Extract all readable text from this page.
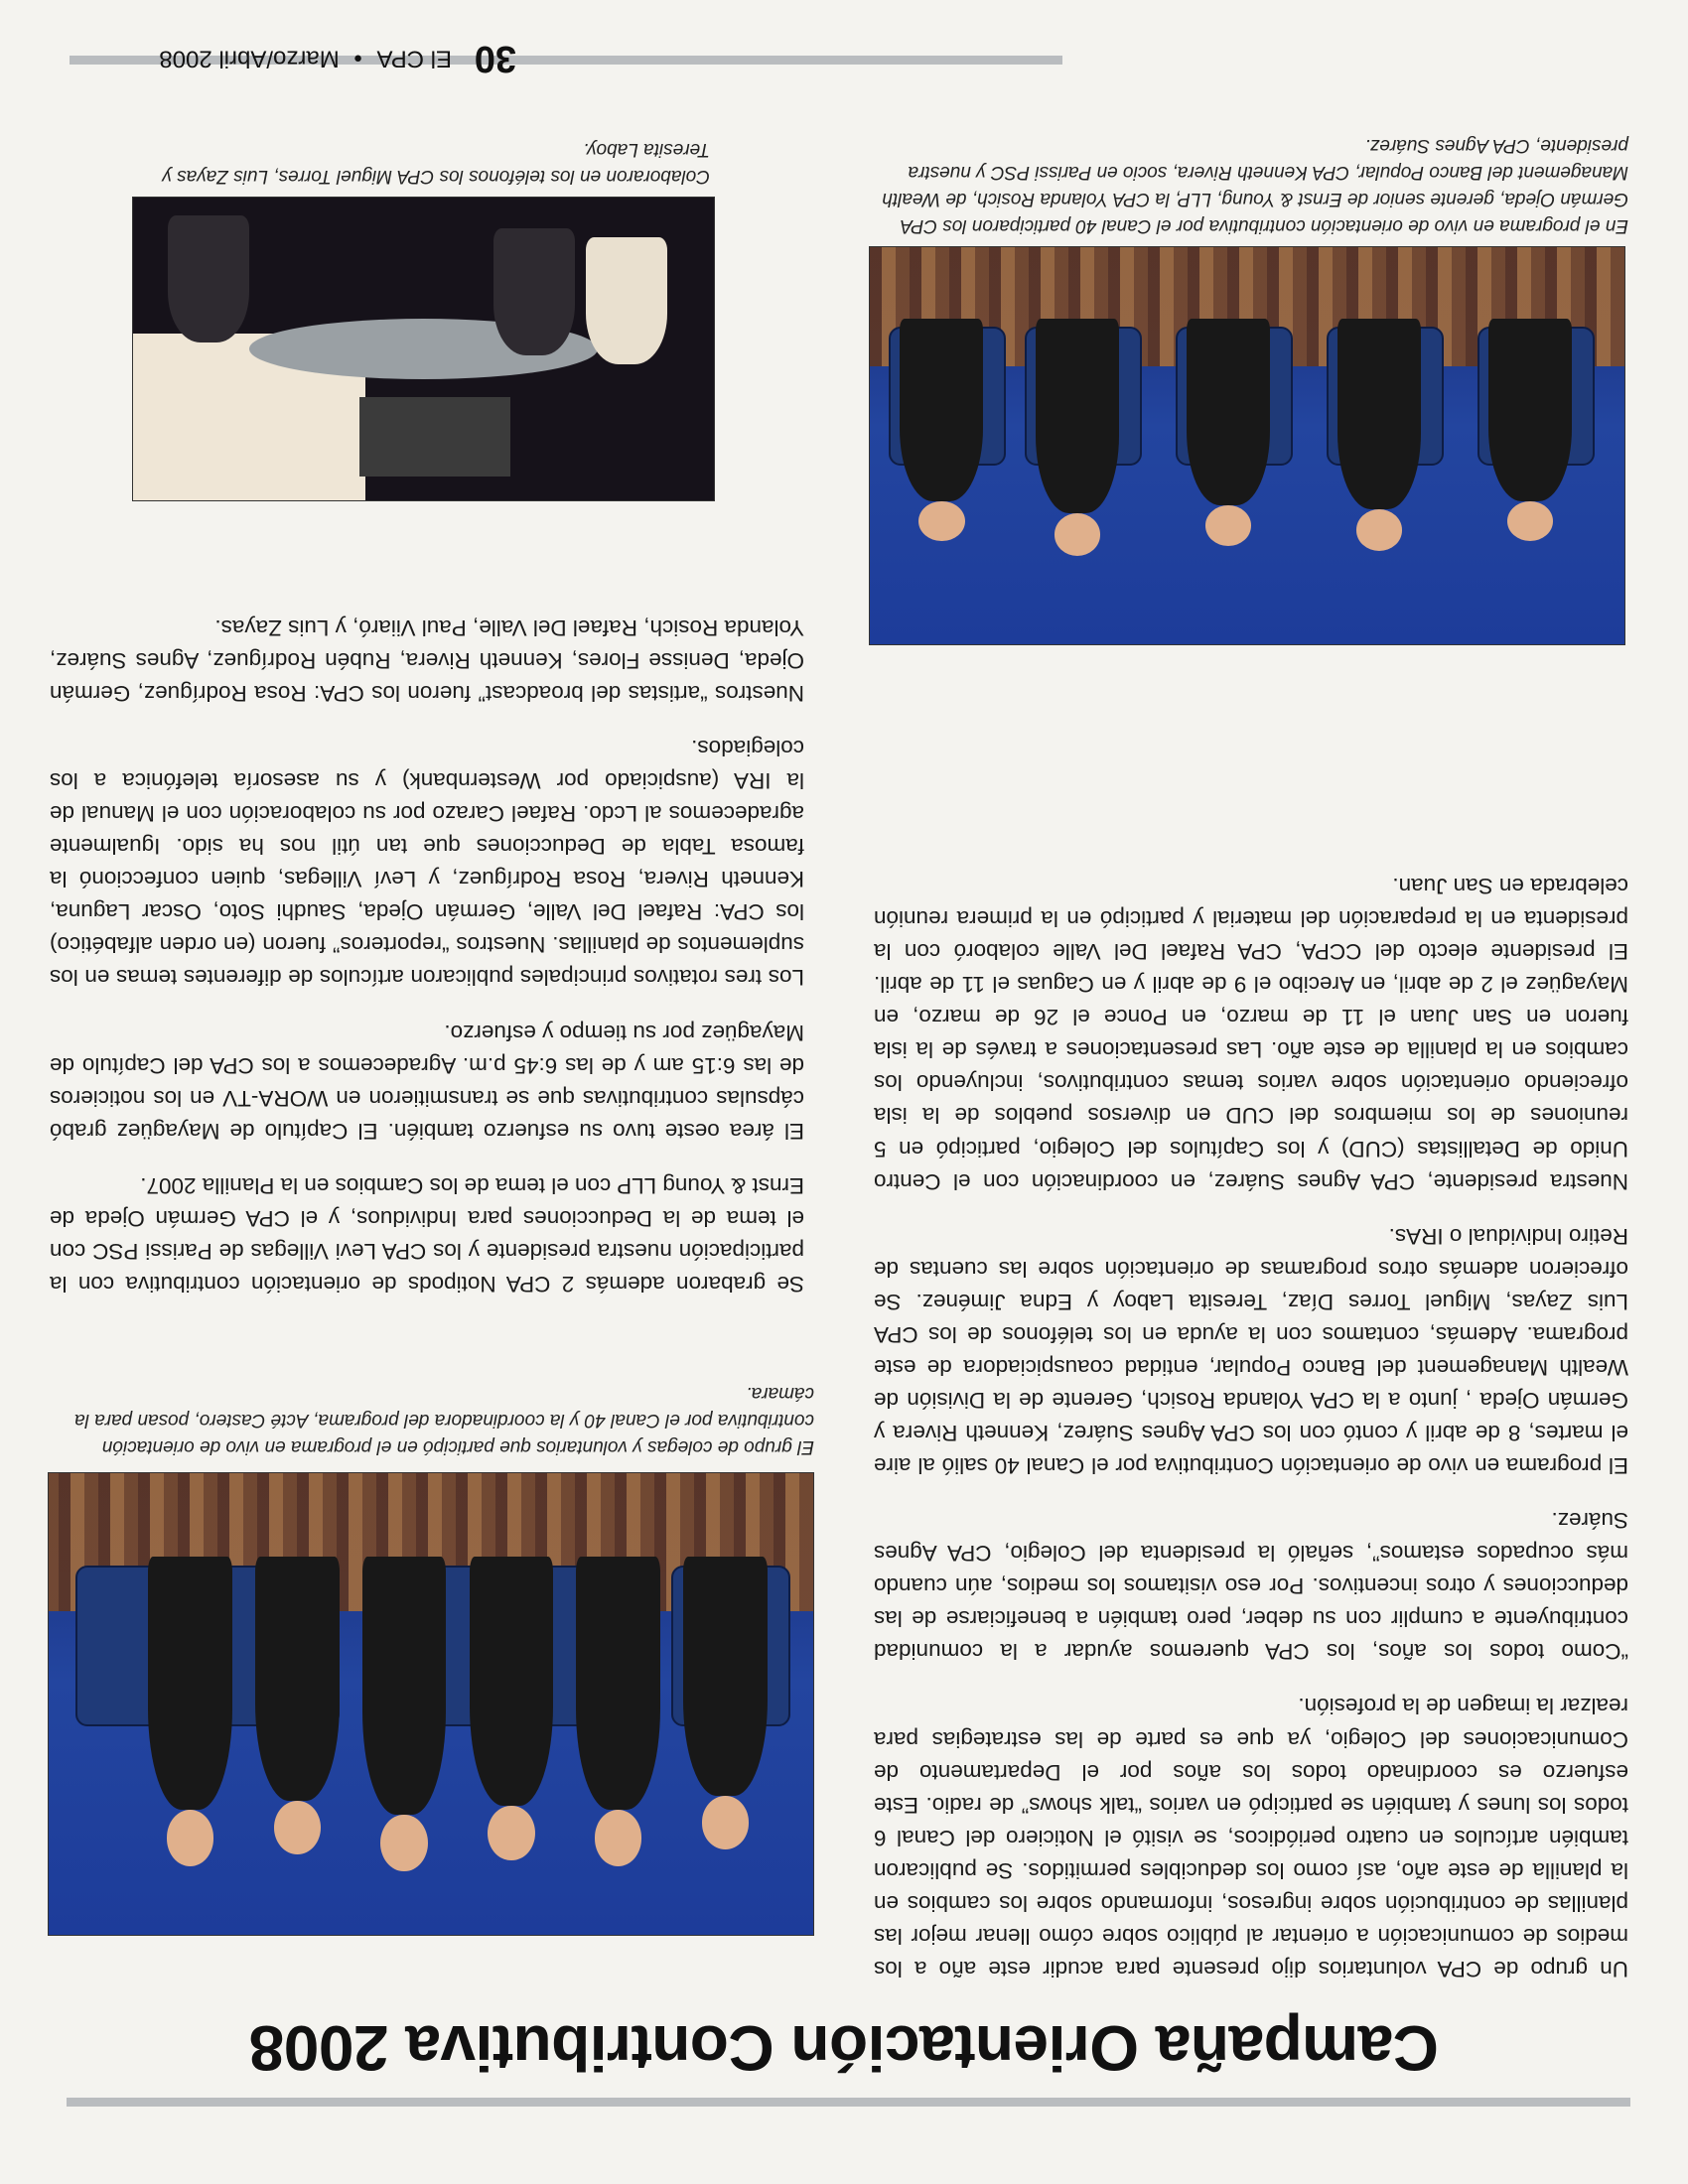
Campaña Orientación Contributiva 2008

Un grupo de CPA voluntarios dijo presente para acudir este año a los medios de comunicación a orientar al público sobre cómo llenar mejor las planillas de contribución sobre ingresos, informando sobre los cambios en la planilla de este año, así como los deducibles permitidos. Se publicaron también artículos en cuatro periódicos, se visitó el Noticiero del Canal 6 todos los lunes y también se participó en varios “talk shows” de radio. Este esfuerzo es coordinado todos los años por el Departamento de Comunicaciones del Colegio, ya que es parte de las estrategias para realzar la imagen de la profesión.

“Como todos los años, los CPA queremos ayudar a la comunidad contribuyente a cumplir con su deber, pero también a beneficiarse de las deducciones y otros incentivos. Por eso visitamos los medios, aún cuando más ocupados estamos”, señaló la presidenta del Colegio, CPA Agnes Suárez.

El programa en vivo de orientación Contributiva por el Canal 40 salió al aire el martes, 8 de abril y contó con los CPA Agnes Suárez, Kenneth Rivera y Germán Ojeda , junto a la CPA Yolanda Rosich, Gerente de la División de Wealth Management del Banco Popular, entidad coauspiciadora de este programa. Además, contamos con la ayuda en los teléfonos de los CPA Luis Zayas, Miguel Torres Díaz, Teresita Laboy y Edna Jiménez. Se ofrecieron además otros programas de orientación sobre las cuentas de Retiro Individual o IRAs.

Nuestra presidente, CPA Agnes Suárez, en coordinación con el Centro Unido de Detallistas (CUD) y los Capítulos del Colegio, participó en 5 reuniones de los miembros del CUD en diversos pueblos de la isla ofreciendo orientación sobre varios temas contributivos, incluyendo los cambios en la planilla de este año. Las presentaciones a través de la isla fueron en San Juan el 11 de marzo, en Ponce el 26 de marzo, en Mayagüez el 2 de abril, en Arecibo el 9 de abril y en Caguas el 11 de abril. El presidente electo del CCPA, CPA Rafael Del Valle colaboró con la presidenta en la preparación del material y participó en la primera reunión celebrada en San Juan.

En el programa en vivo de orientación contributiva por el Canal 40 participaron los CPA Germán Ojeda, gerente senior de Ernst & Young, LLP, la CPA Yolanda Rosich, de Wealth Management del Banco Popular, CPA Kenneth Rivera, socio en Parissi PSC y nuestra presidente, CPA Agnes Suárez.
El grupo de colegas y voluntarios que participó en el programa en vivo de orientación contributiva por el Canal 40 y la coordinadora del programa, Acté Castero, posan para la cámara.

Se grabaron además 2 CPA Notipods de orientación contributiva con la participación nuestra presidente y los CPA Levi Villegas de Parissi PSC con el tema de la Deducciones para Individuos, y el CPA Germán Ojeda de Ernst & Young LLP con el tema de los Cambios en la Planilla 2007.

El área oeste tuvo su esfuerzo también. El Capítulo de Mayagüez grabó cápsulas contributivas que se transmitieron en WORA-TV en los noticieros de las 6:15 am y de las 6:45 p.m. Agradecemos a los CPA del Capítulo de Mayagüez por su tiempo y esfuerzo.

Los tres rotativos principales publicaron artículos de diferentes temas en los suplementos de planillas. Nuestros “reporteros” fueron (en orden alfabético) los CPA: Rafael Del Valle, Germán Ojeda, Saudhi Soto, Oscar Laguna, Kenneth Rivera, Rosa Rodríguez, y Leví Villegas, quien confeccionó la famosa Tabla de Deducciones que tan útil nos ha sido. Igualmente agradecemos al Lcdo. Rafael Carazo por su colaboración con el Manual de la IRA (auspiciado por Westernbank) y su asesoría telefónica a los colegiados.

Nuestros “artistas del broadcast” fueron los CPA: Rosa Rodríguez, Germán Ojeda, Denisse Flores, Kenneth Rivera, Rubén Rodríguez, Agnes Suárez, Yolanda Rosich, Rafael Del Valle, Paul Viiaró, y Luis Zayas.

Colaboraron en los teléfonos los CPA Miguel Torres, Luis Zayas y Teresita Laboy.
30 El CPA • Marzo/Abril 2008
